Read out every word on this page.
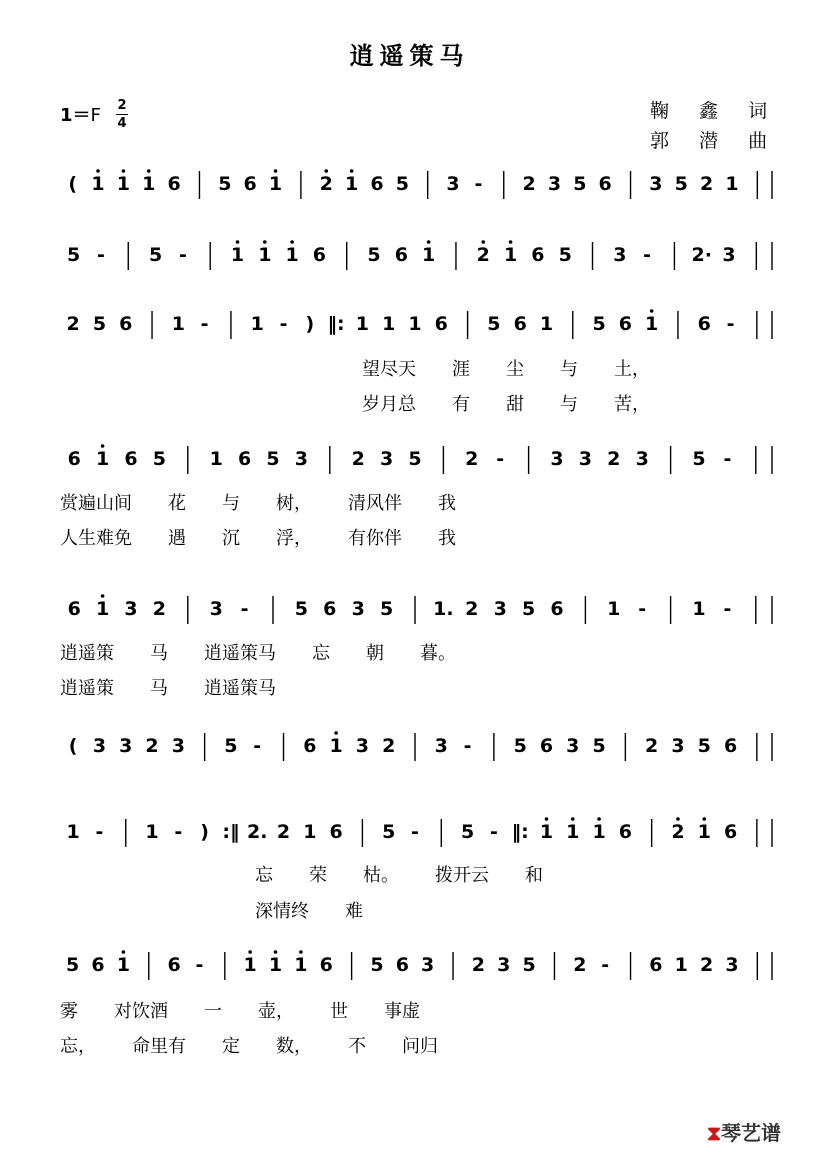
逍遥策马
1＝F 2
4
鞠 鑫 词
郭 潜 曲
( 1 1 1 6 5 6 1 2 1 6 5 3 - 2 3 5 6 3 5 2 1
5 - 5 - 1 1 1 6 5 6 1 2 1 6 5 3 - 2· 3
2 5 6 1 - 1 - ) ‖: 1 1 1 6 5 6 1 5 6 1 6 -
望尽天  涯  尘  与  土，
岁月总  有  甜  与  苦，
6 1 6 5 1 6 5 3 2 3 5 2 - 3 3 2 3 5 -
赏遍山间  花  与  树，  清风伴  我
人生难免  遇  沉  浮，  有你伴  我
6 1 3 2 3 - 5 6 3 5 1. 2 3 5 6 1 - 1 -
逍遥策  马  逍遥策马  忘  朝  暮。
逍遥策  马  逍遥策马
( 3 3 2 3 5 - 6 1 3 2 3 - 5 6 3 5 2 3 5 6
1 - 1 - ) :‖ 2. 2 1 6 5 - 5 - ‖: 1 1 1 6 2 1 6
忘  荣  枯。  拨开云  和
深情终  难
5 6 1 6 - 1 1 1 6 5 6 3 2 3 5 2 - 6 1 2 3
雾  对饮酒  一  壶，  世  事虚
忘，  命里有  定  数，  不  问归
⧗琴艺谱
